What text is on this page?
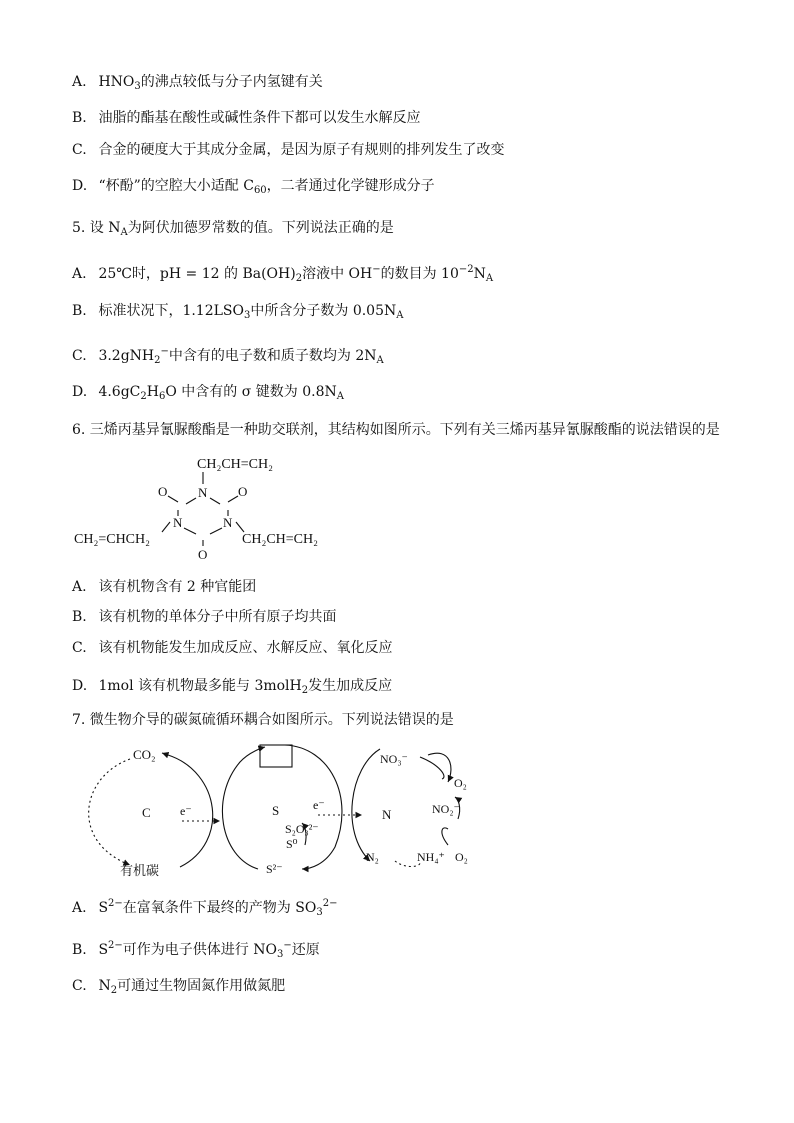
A. $HNO_3$的沸点较低与分子内氢键有关
B. 油脂的酯基在酸性或碱性条件下都可以发生水解反应
C. 合金的硬度大于其成分金属，是因为原子有规则的排列发生了改变
D. “杯酚”的空腔大小适配 $C_{60}$，二者通过化学键形成分子
5. 设 $N_A$为阿伏加德罗常数的值。下列说法正确的是
A. 25℃时，pH = 12 的 $Ba(OH)_2$溶液中 OH−的数目为 $10^{-2}N_A$
B. 标准状况下，$1.12LSO_3$中所含分子数为 $0.05N_A$
C. 3.2gNH$_2$−中含有的电子数和质子数均为 $2N_A$
D. $4.6gC_2H_6O$ 中含有的 σ 键数为 $0.8N_A$
6. 三烯丙基异氰脲酸酯是一种助交联剂，其结构如图所示。下列有关三烯丙基异氰脲酸酯的说法错误的是
CH₂CH=CH₂
N
N	N
O	O
O
CH₂=CHCH₂	CH₂CH=CH₂
A. 该有机物含有 2 种官能团
B. 该有机物的单体分子中所有原子均共面
C. 该有机物能发生加成反应、水解反应、氧化反应
D. 1mol 该有机物最多能与 3molH$_2$发生加成反应
7. 微生物介导的碳氮硫循环耦合如图所示。下列说法错误的是
CO₂
C
有机碳
e⁻	S	e⁻
S₂O₃²⁻
S⁰
S²⁻
N
NO₃⁻
O₂
NO₂⁻
N₂	NH₄⁺ O₂
A. $S^{2-}$在富氧条件下最终的产物为 $SO_3^{2-}$
B. $S^{2-}$可作为电子供体进行 $NO_3^-$还原
C. $N_2$可通过生物固氮作用做氮肥
